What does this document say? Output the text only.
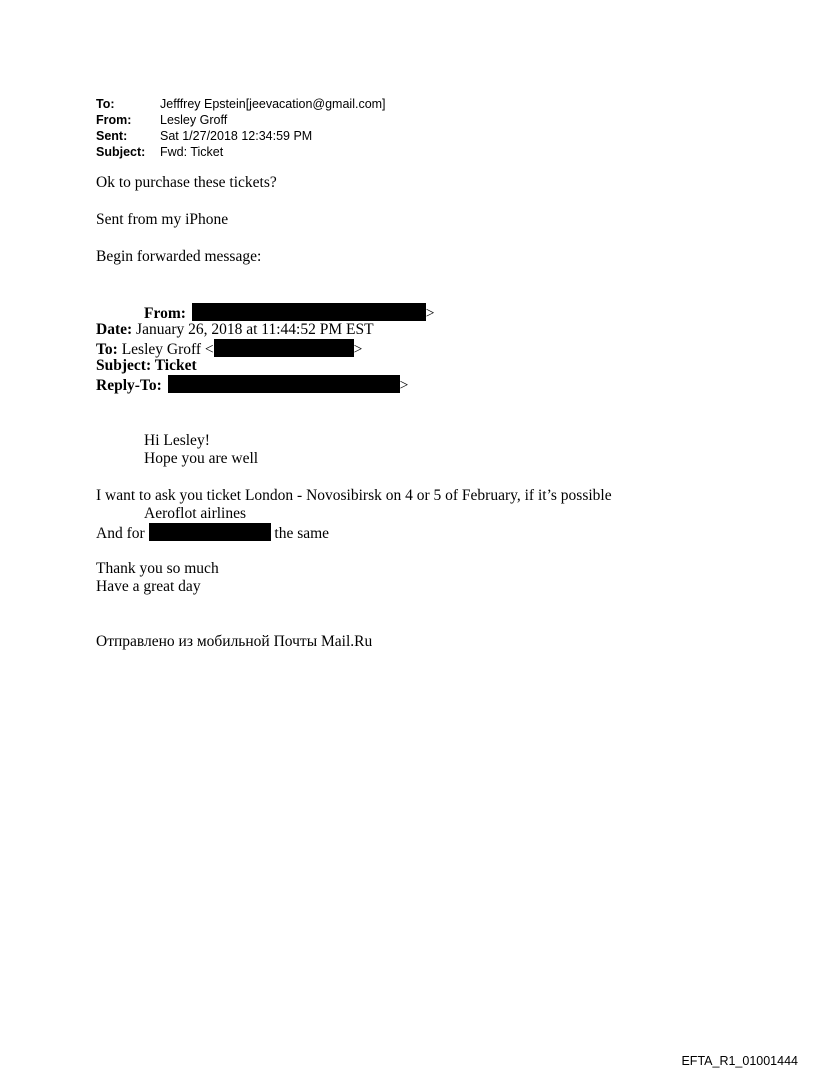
To:	Jefffrey Epstein[jeevacation@gmail.com]
From:	Lesley Groff
Sent:	Sat 1/27/2018 12:34:59 PM
Subject:	Fwd: Ticket
Ok to purchase these tickets?
Sent from my iPhone
Begin forwarded message:
From:	>
Date: January 26, 2018 at 11:44:52 PM EST
To: Lesley Groff <	>
Subject: Ticket
Reply-To:	>
Hi Lesley!
Hope you are well
I want to ask you ticket London - Novosibirsk on 4 or 5 of February, if it’s possible
Aeroflot airlines
And for	the same
Thank you so much
Have a great day
Отправлено из мобильной Почты Mail.Ru
EFTA_R1_01001444
